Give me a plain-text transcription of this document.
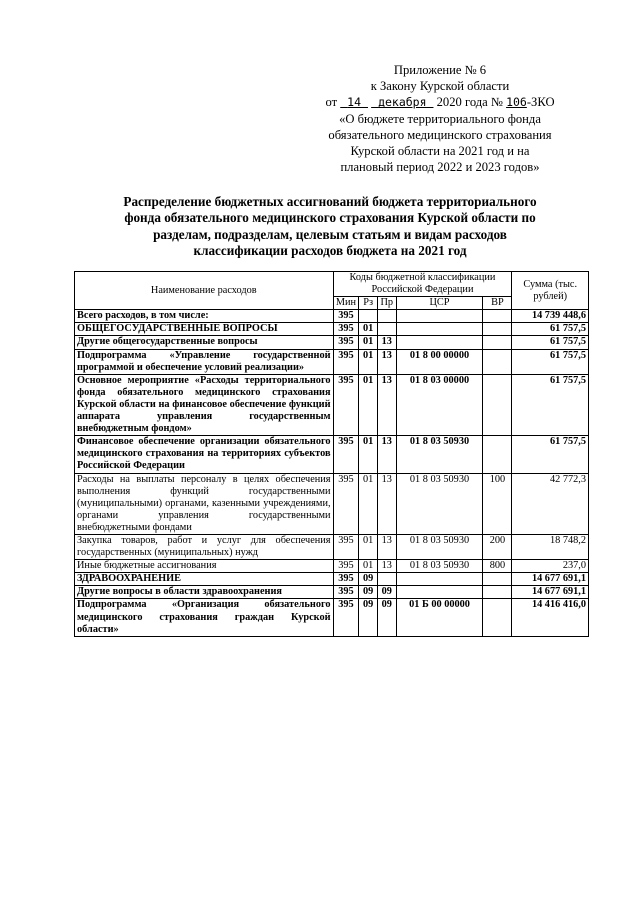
Приложение № 6
к Закону Курской области
от 14 декабря 2020 года № 106-ЗКО
«О бюджете территориального фонда
обязательного медицинского страхования
Курской области на 2021 год и на
плановый период 2022 и 2023 годов»
Распределение бюджетных ассигнований бюджета территориального
фонда обязательного медицинского страхования Курской области по
разделам, подразделам, целевым статьям и видам расходов
классификации расходов бюджета на 2021 год
Наименование расходов	Коды бюджетной классификации Российской Федерации					Сумма (тыс. рублей)
	Мин	Рз	Пр	ЦСР	ВР	
Всего расходов, в том числе:	395					14 739 448,6
ОБЩЕГОСУДАРСТВЕННЫЕ ВОПРОСЫ	395	01				61 757,5
Другие общегосударственные вопросы	395	01	13			61 757,5
Подпрограмма «Управление государственной программой и обеспечение условий реализации»	395	01	13	01 8 00 00000		61 757,5
Основное мероприятие «Расходы территориального фонда обязательного медицинского страхования Курской области на финансовое обеспечение функций аппарата управления государственным внебюджетным фондом»	395	01	13	01 8 03 00000		61 757,5
Финансовое обеспечение организации обязательного медицинского страхования на территориях субъектов Российской Федерации	395	01	13	01 8 03 50930		61 757,5
Расходы на выплаты персоналу в целях обеспечения выполнения функций государственными (муниципальными) органами, казенными учреждениями, органами управления государственными внебюджетными фондами	395	01	13	01 8 03 50930	100	42 772,3
Закупка товаров, работ и услуг для обеспечения государственных (муниципальных) нужд	395	01	13	01 8 03 50930	200	18 748,2
Иные бюджетные ассигнования	395	01	13	01 8 03 50930	800	237,0
ЗДРАВООХРАНЕНИЕ	395	09				14 677 691,1
Другие вопросы в области здравоохранения	395	09	09			14 677 691,1
Подпрограмма «Организация обязательного медицинского страхования граждан Курской области»	395	09	09	01 Б 00 00000		14 416 416,0
